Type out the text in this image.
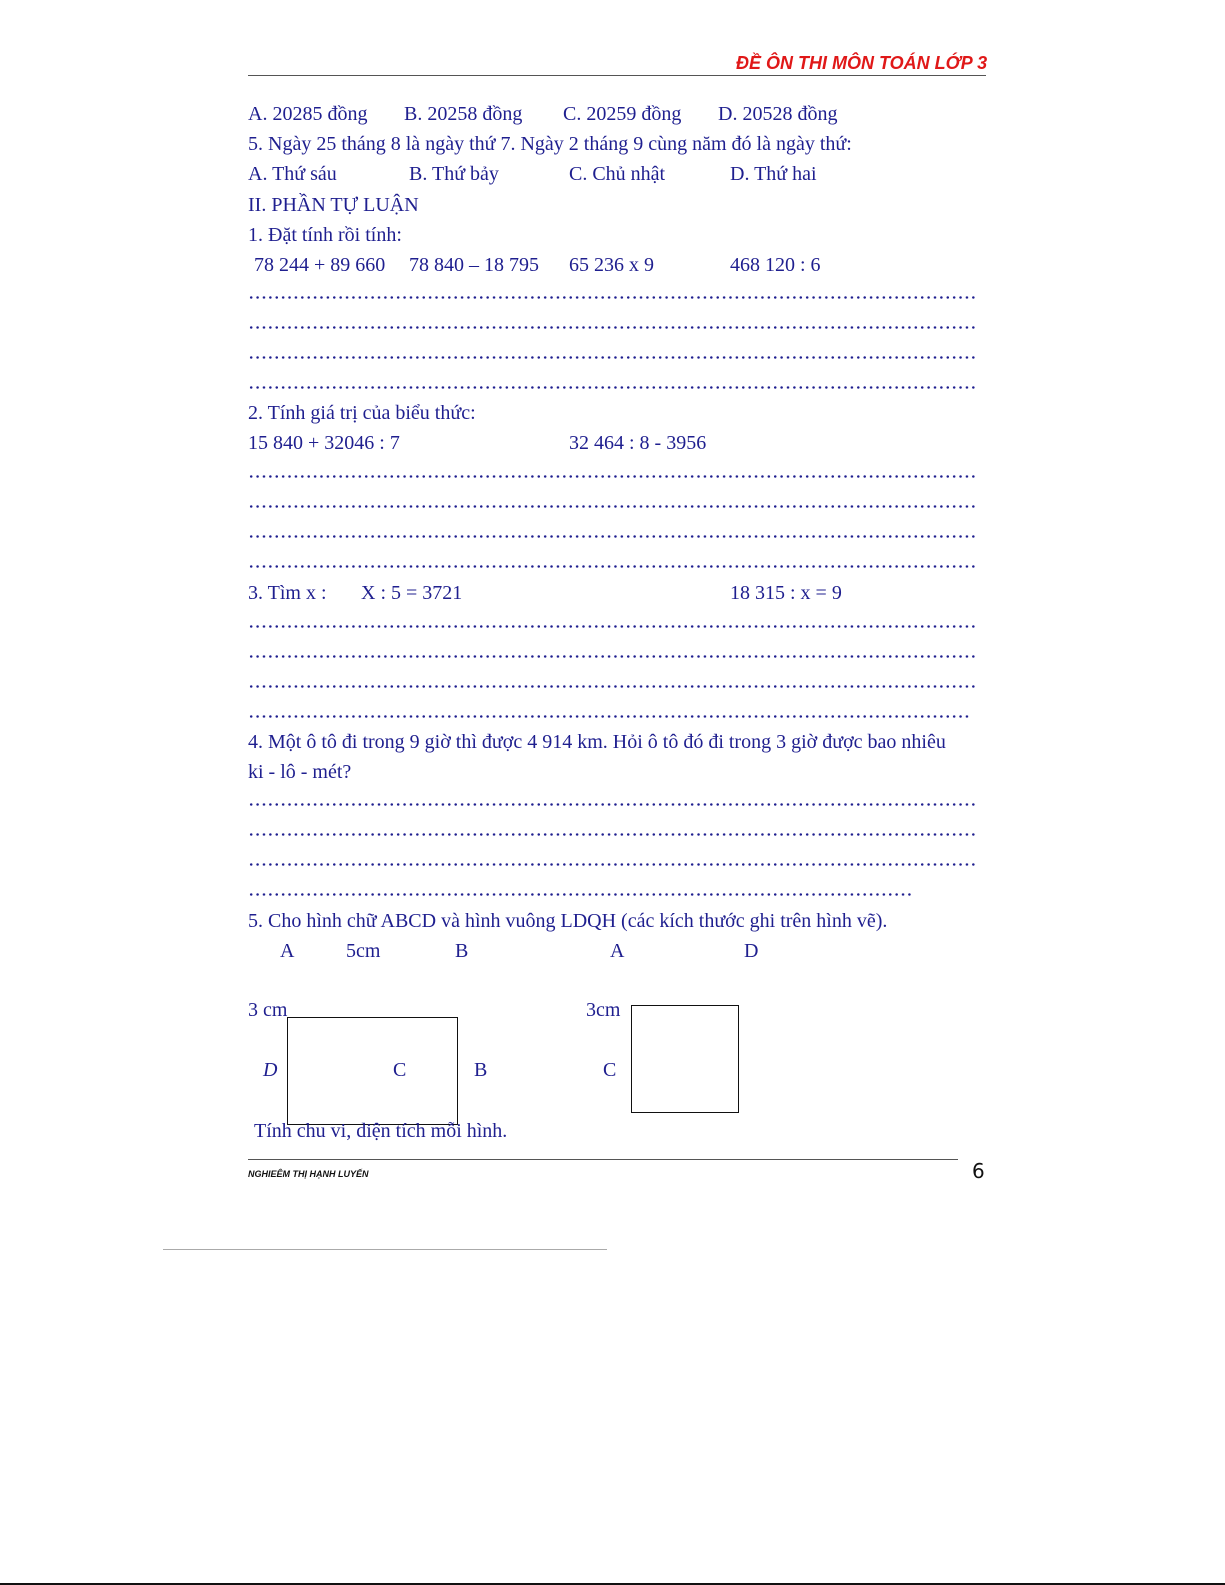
ĐỀ ÔN THI MÔN TOÁN LỚP 3
A. 20285 đồng B. 20258 đồng C. 20259 đồng D. 20528 đồng
5. Ngày 25 tháng 8 là ngày thứ 7. Ngày 2 tháng 9 cùng năm đó là ngày thứ:
A. Thứ sáu	B. Thứ bảy	C. Chủ nhật	D. Thứ hai
II. PHẦN TỰ LUẬN
1. Đặt tính rồi tính:
78 244 + 89 660 78 840 – 18 795 65 236 x 9	468 120 : 6
2. Tính giá trị của biểu thức:
15 840 + 32046 : 7	32 464 : 8 - 3956
3. Tìm x : X : 5 = 3721	18 315 : x = 9
4. Một ô tô đi trong 9 giờ thì được 4 914 km. Hỏi ô tô đó đi trong 3 giờ được bao nhiêu
ki - lô - mét?
5. Cho hình chữ ABCD và hình vuông LDQH (các kích thước ghi trên hình vẽ).
A	5cm	B
3 cm
D	C	B
A	D
3cm
C
Tính chu vi, diện tích mỗi hình.
NGHIEÊM THỊ HẠNH LUYẾN	6
